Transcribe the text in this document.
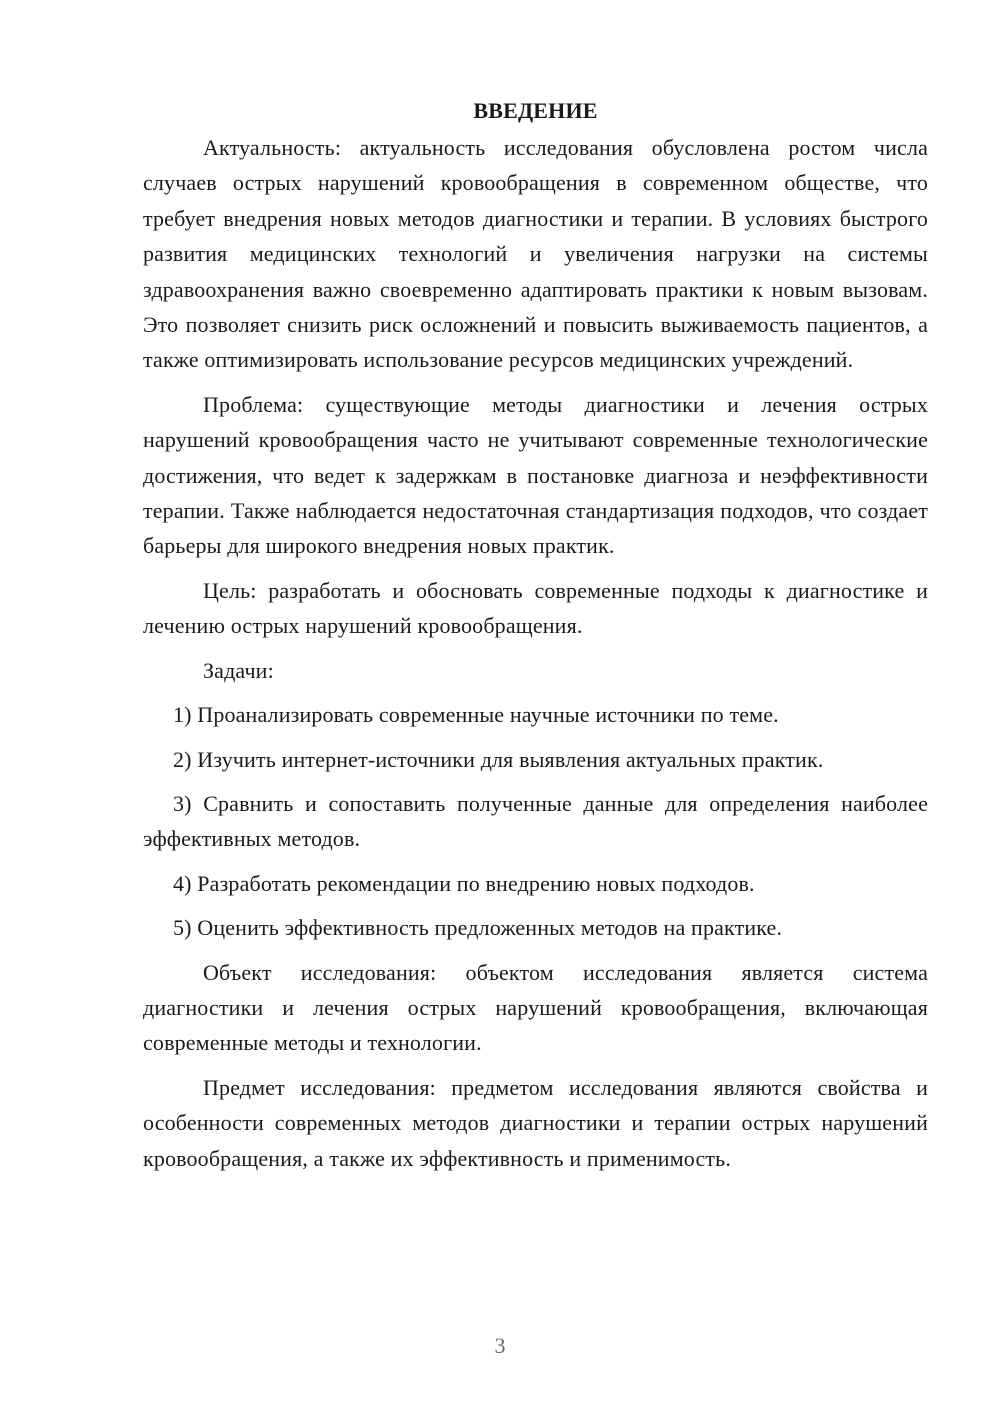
ВВЕДЕНИЕ

Актуальность: актуальность исследования обусловлена ростом числа случаев острых нарушений кровообращения в современном обществе, что требует внедрения новых методов диагностики и терапии. В условиях быстрого развития медицинских технологий и увеличения нагрузки на системы здравоохранения важно своевременно адаптировать практики к новым вызовам. Это позволяет снизить риск осложнений и повысить выживаемость пациентов, а также оптимизировать использование ресурсов медицинских учреждений.

Проблема: существующие методы диагностики и лечения острых нарушений кровообращения часто не учитывают современные технологические достижения, что ведет к задержкам в постановке диагноза и неэффективности терапии. Также наблюдается недостаточная стандартизация подходов, что создает барьеры для широкого внедрения новых практик.

Цель: разработать и обосновать современные подходы к диагностике и лечению острых нарушений кровообращения.

Задачи:

1) Проанализировать современные научные источники по теме.

2) Изучить интернет-источники для выявления актуальных практик.

3) Сравнить и сопоставить полученные данные для определения наиболее эффективных методов.

4) Разработать рекомендации по внедрению новых подходов.

5) Оценить эффективность предложенных методов на практике.

Объект исследования: объектом исследования является система диагностики и лечения острых нарушений кровообращения, включающая современные методы и технологии.

Предмет исследования: предметом исследования являются свойства и особенности современных методов диагностики и терапии острых нарушений кровообращения, а также их эффективность и применимость.

3
